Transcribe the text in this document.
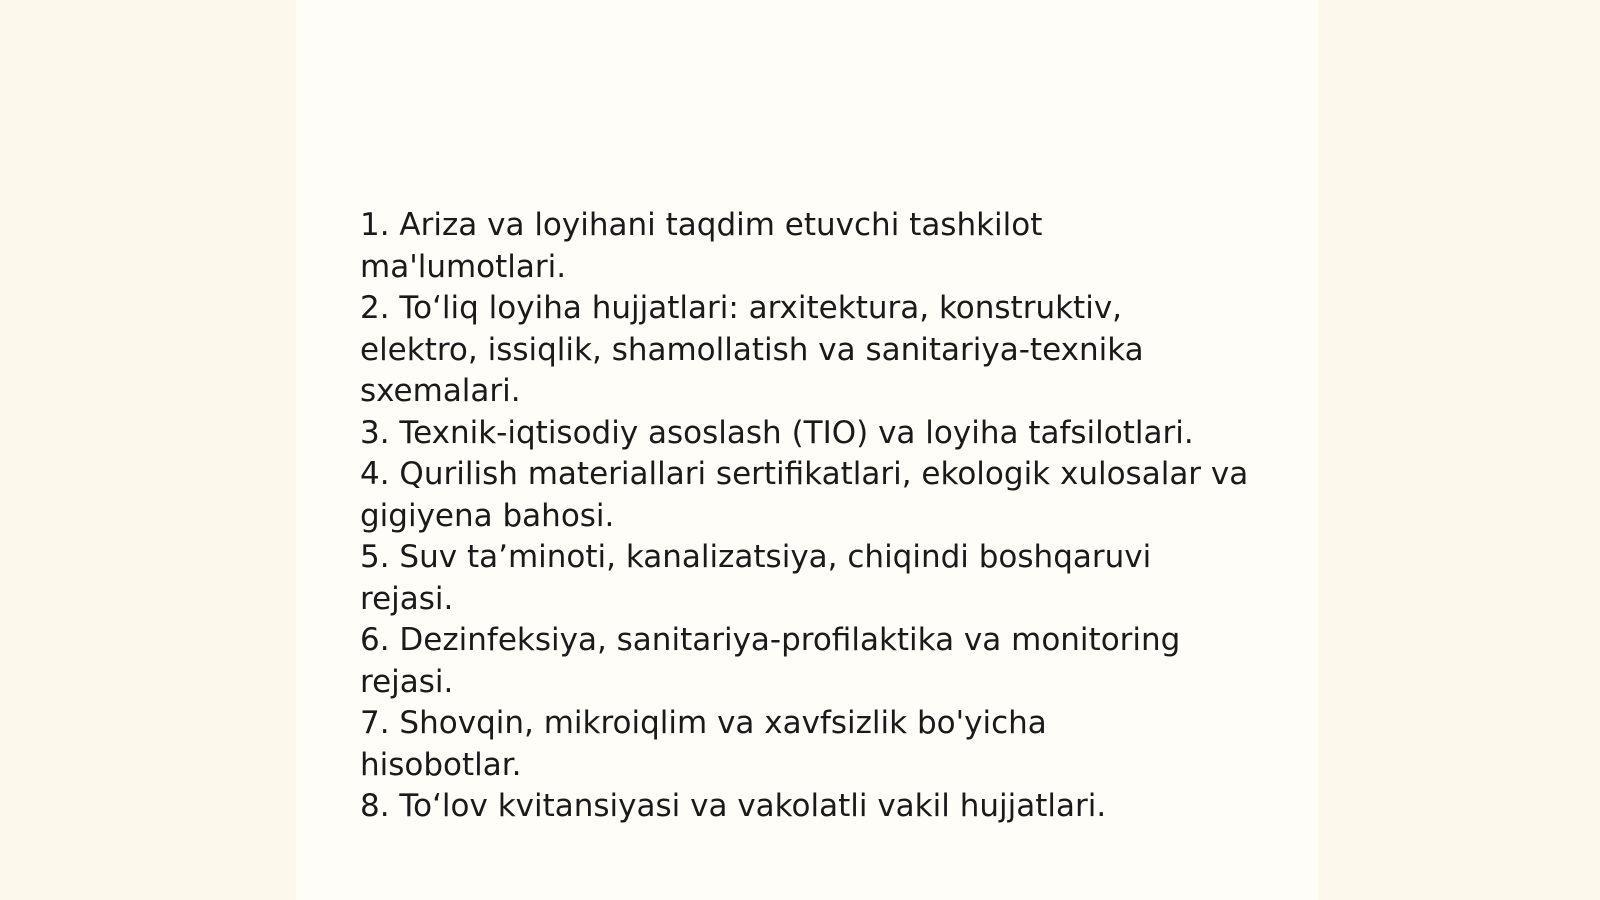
1. Ariza va loyihani taqdim etuvchi tashkilot ma'lumotlari.
2. To‘liq loyiha hujjatlari: arxitektura, konstruktiv, elektro, issiqlik, shamollatish va sanitariya-texnika sxemalari.
3. Texnik-iqtisodiy asoslash (TIO) va loyiha tafsilotlari.
4. Qurilish materiallari sertifikatlari, ekologik xulosalar va gigiyena bahosi.
5. Suv ta’minoti, kanalizatsiya, chiqindi boshqaruvi rejasi.
6. Dezinfeksiya, sanitariya-profilaktika va monitoring rejasi.
7. Shovqin, mikroiqlim va xavfsizlik bo'yicha hisobotlar.
8. To‘lov kvitansiyasi va vakolatli vakil hujjatlari.
